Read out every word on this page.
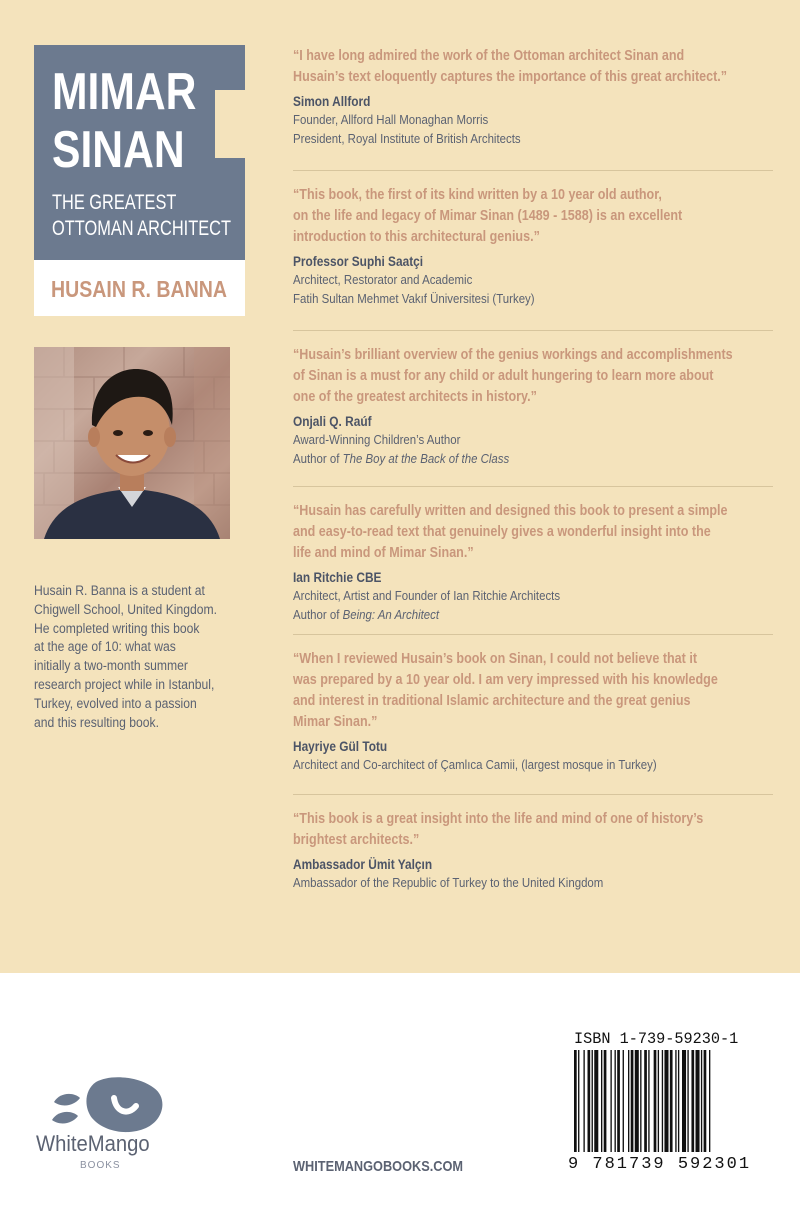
MIMAR
SINAN
THE GREATEST
OTTOMAN ARCHITECT
HUSAIN R. BANNA
Husain R. Banna is a student at
Chigwell School, United Kingdom.
He completed writing this book
at the age of 10: what was
initially a two-month summer
research project while in Istanbul,
Turkey, evolved into a passion
and this resulting book.
“I have long admired the work of the Ottoman architect Sinan and
Husain’s text eloquently captures the importance of this great architect.”
Simon Allford
Founder, Allford Hall Monaghan Morris
President, Royal Institute of British Architects
“This book, the first of its kind written by a 10 year old author,
on the life and legacy of Mimar Sinan (1489 - 1588) is an excellent
introduction to this architectural genius.”
Professor Suphi Saatçi
Architect, Restorator and Academic
Fatih Sultan Mehmet Vakıf Üniversitesi (Turkey)
“Husain’s brilliant overview of the genius workings and accomplishments
of Sinan is a must for any child or adult hungering to learn more about
one of the greatest architects in history.”
Onjali Q. Raúf
Award-Winning Children’s Author
Author of The Boy at the Back of the Class
“Husain has carefully written and designed this book to present a simple
and easy-to-read text that genuinely gives a wonderful insight into the
life and mind of Mimar Sinan.”
Ian Ritchie CBE
Architect, Artist and Founder of Ian Ritchie Architects
Author of Being: An Architect
“When I reviewed Husain’s book on Sinan, I could not believe that it
was prepared by a 10 year old. I am very impressed with his knowledge
and interest in traditional Islamic architecture and the great genius
Mimar Sinan.”
Hayriye Gül Totu
Architect and Co-architect of Çamlıca Camii, (largest mosque in Turkey)
“This book is a great insight into the life and mind of one of history’s
brightest architects.”
Ambassador Ümit Yalçın
Ambassador of the Republic of Turkey to the United Kingdom
WhiteMango
BOOKS	WHITEMANGOBOOKS.COM
ISBN 1-739-59230-1
9 781739 592301
